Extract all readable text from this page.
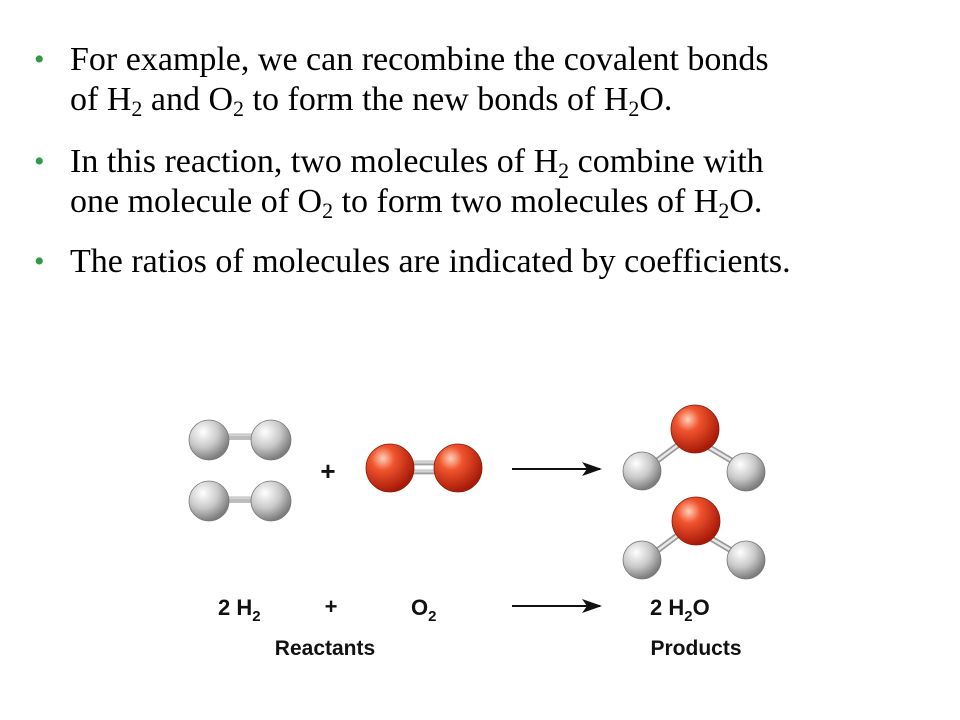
• For example, we can recombine the covalent bonds
of $H_2$ and $O_2$ to form the new bonds of $H_2O$.
• In this reaction, two molecules of $H_2$ combine with
one molecule of $O_2$ to form two molecules of $H_2O$.
• The ratios of molecules are indicated by coefficients.
+
2 $H_2$	+	$O_2$	2 $H_2O$
Reactants	Products
